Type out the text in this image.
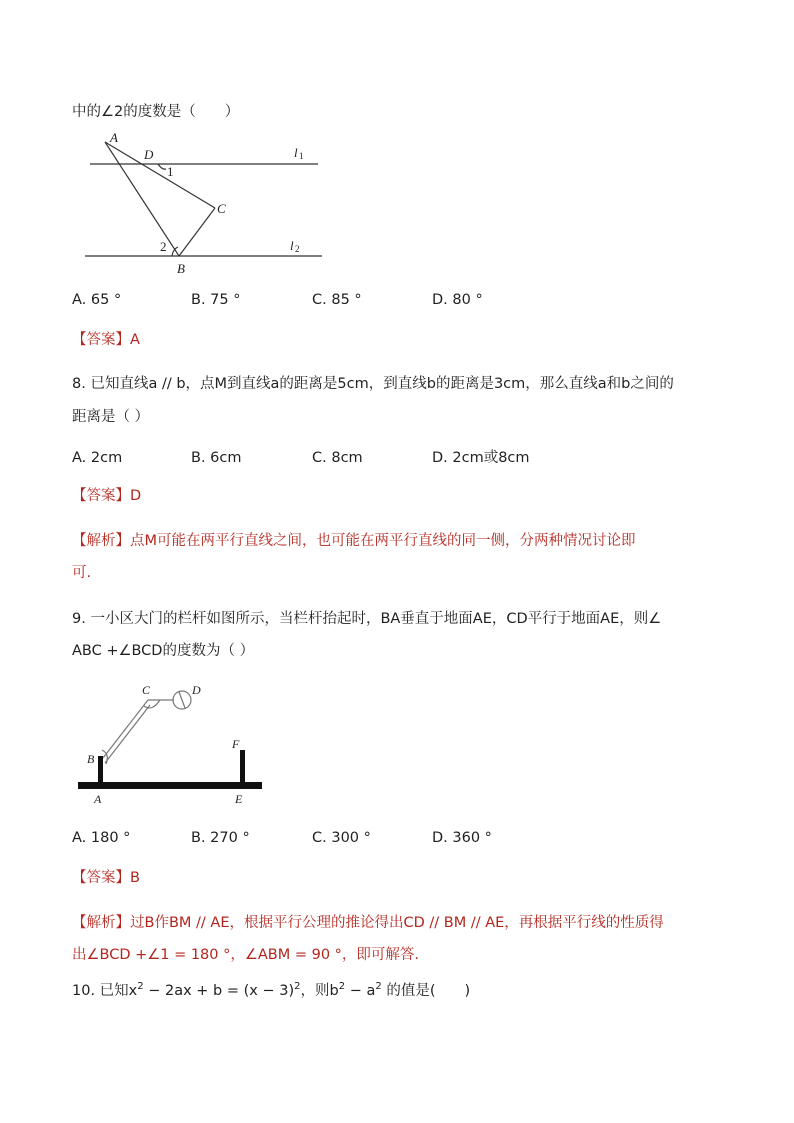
中的∠2的度数是（　　）
A
D
C
B
l
l
1
2
1
2
A. 65 °	B. 75 °	C. 85 °	D. 80 °
【答案】A
8. 已知直线a // b，点M到直线a的距离是5cm，到直线b的距离是3cm，那么直线a和b之间的
距离是（ ）
A. 2cm	B. 6cm	C. 8cm	D. 2cm或8cm
【答案】D
【解析】点M可能在两平行直线之间，也可能在两平行直线的同一侧，分两种情况讨论即
可.
9. 一小区大门的栏杆如图所示，当栏杆抬起时，BA垂直于地面AE，CD平行于地面AE，则∠
ABC +∠BCD的度数为（ ）
C	D
B
F
A	E
A. 180 °	B. 270 °	C. 300 °	D. 360 °
【答案】B
【解析】过B作BM // AE，根据平行公理的推论得出CD // BM // AE，再根据平行线的性质得
出∠BCD +∠1 = 180 °，∠ABM = 90 °，即可解答.
10. 已知$x^2 - 2ax + b = (x - 3)^2$，则$b^2 - a^2$ 的值是(　　)
